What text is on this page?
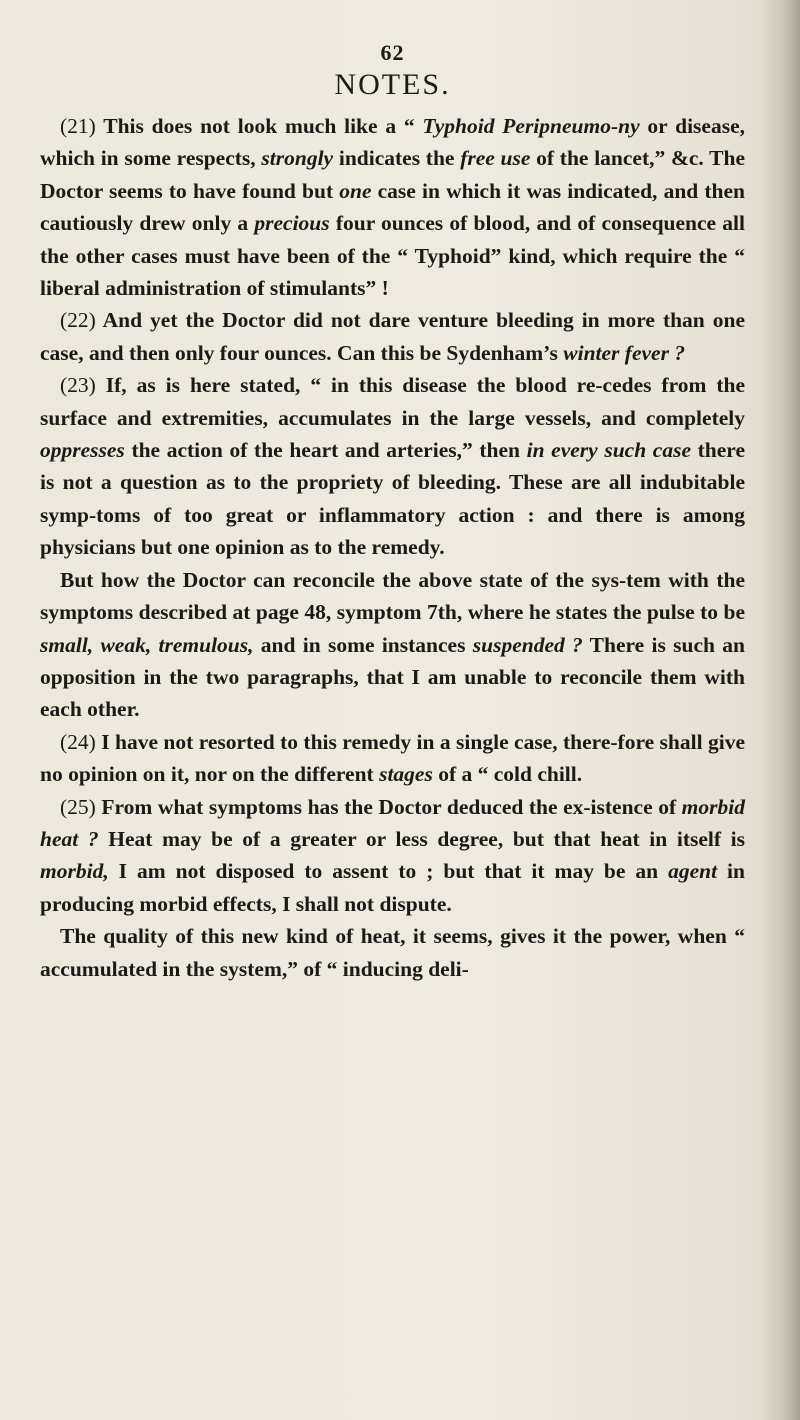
62
NOTES.

(21) This does not look much like a “ Typhoid Peripneumo-ny or disease, which in some respects, strongly indicates the free use of the lancet,” &c. The Doctor seems to have found but one case in which it was indicated, and then cautiously drew only a precious four ounces of blood, and of consequence all the other cases must have been of the “ Typhoid” kind, which require the “ liberal administration of stimulants” !

(22) And yet the Doctor did not dare venture bleeding in more than one case, and then only four ounces. Can this be Sydenham’s winter fever ?

(23) If, as is here stated, “ in this disease the blood re-cedes from the surface and extremities, accumulates in the large vessels, and completely oppresses the action of the heart and arteries,” then in every such case there is not a question as to the propriety of bleeding. These are all indubitable symp-toms of too great or inflammatory action : and there is among physicians but one opinion as to the remedy.

But how the Doctor can reconcile the above state of the sys-tem with the symptoms described at page 48, symptom 7th, where he states the pulse to be small, weak, tremulous, and in some instances suspended ? There is such an opposition in the two paragraphs, that I am unable to reconcile them with each other.

(24) I have not resorted to this remedy in a single case, there-fore shall give no opinion on it, nor on the different stages of a “ cold chill.

(25) From what symptoms has the Doctor deduced the ex-istence of morbid heat ? Heat may be of a greater or less degree, but that heat in itself is morbid, I am not disposed to assent to ; but that it may be an agent in producing morbid effects, I shall not dispute.

The quality of this new kind of heat, it seems, gives it the power, when “ accumulated in the system,” of “ inducing deli-
